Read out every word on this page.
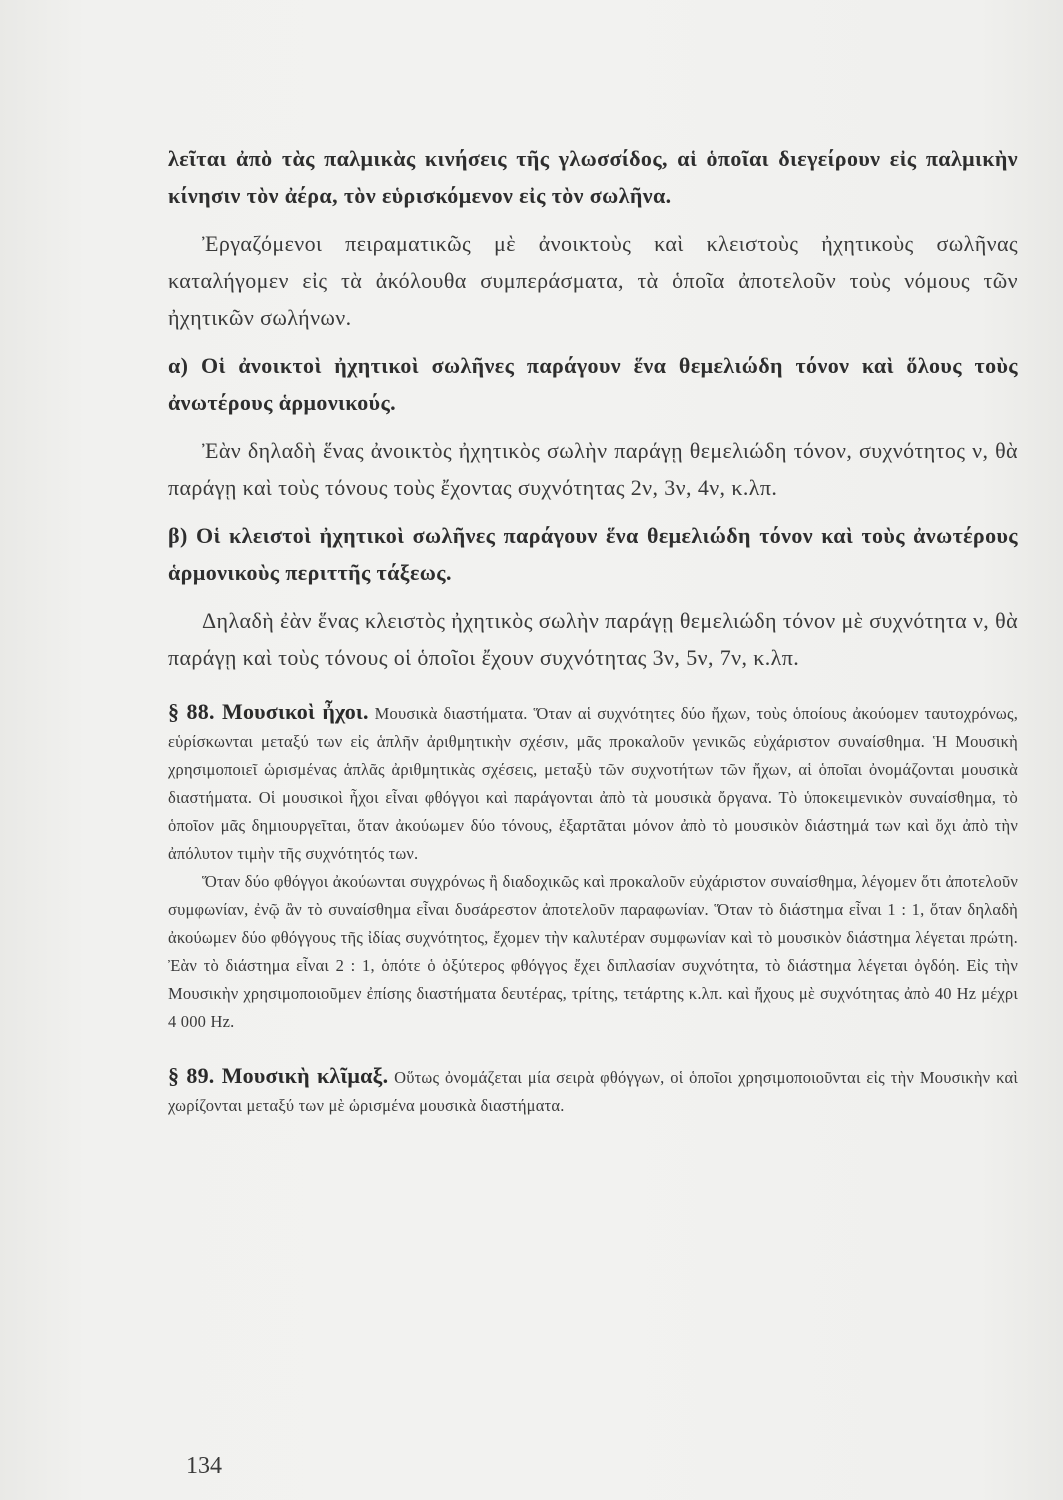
λεῖται ἀπὸ τὰς παλμικὰς κινήσεις τῆς γλωσσίδος, αἱ ὁποῖαι διεγείρουν εἰς παλμικὴν κίνησιν τὸν ἀέρα, τὸν εὑρισκόμενον εἰς τὸν σωλῆνα.

Ἐργαζόμενοι πειραματικῶς μὲ ἀνοικτοὺς καὶ κλειστοὺς ἠχητικοὺς σωλῆνας καταλήγομεν εἰς τὰ ἀκόλουθα συμπεράσματα, τὰ ὁποῖα ἀποτελοῦν τοὺς νόμους τῶν ἠχητικῶν σωλήνων.

α) Οἱ ἀνοικτοὶ ἠχητικοὶ σωλῆνες παράγουν ἕνα θεμελιώδη τόνον καὶ ὅλους τοὺς ἀνωτέρους ἁρμονικούς.

Ἐὰν δηλαδὴ ἕνας ἀνοικτὸς ἠχητικὸς σωλὴν παράγῃ θεμελιώδη τόνον, συχνότητος ν, θὰ παράγῃ καὶ τοὺς τόνους τοὺς ἔχοντας συχνότητας 2ν, 3ν, 4ν, κ.λπ.

β) Οἱ κλειστοὶ ἠχητικοὶ σωλῆνες παράγουν ἕνα θεμελιώδη τόνον καὶ τοὺς ἀνωτέρους ἁρμονικοὺς περιττῆς τάξεως.

Δηλαδὴ ἐὰν ἕνας κλειστὸς ἠχητικὸς σωλὴν παράγῃ θεμελιώδη τόνον μὲ συχνότητα ν, θὰ παράγῃ καὶ τοὺς τόνους οἱ ὁποῖοι ἔχουν συχνότητας 3ν, 5ν, 7ν, κ.λπ.

§ 88. Μουσικοὶ ἦχοι. Μουσικὰ διαστήματα. Ὅταν αἱ συχνότητες δύο ἤχων, τοὺς ὁποίους ἀκούομεν ταυτοχρόνως, εὑρίσκωνται μεταξύ των εἰς ἁπλῆν ἀριθμητικὴν σχέσιν, μᾶς προκαλοῦν γενικῶς εὐχάριστον συναίσθημα. Ἡ Μουσικὴ χρησιμοποιεῖ ὡρισμένας ἁπλᾶς ἀριθμητικὰς σχέσεις, μεταξὺ τῶν συχνοτήτων τῶν ἤχων, αἱ ὁποῖαι ὀνομάζονται μουσικὰ διαστήματα. Οἱ μουσικοὶ ἦχοι εἶναι φθόγγοι καὶ παράγονται ἀπὸ τὰ μουσικὰ ὄργανα. Τὸ ὑποκειμενικὸν συναίσθημα, τὸ ὁποῖον μᾶς δημιουργεῖται, ὅταν ἀκούωμεν δύο τόνους, ἐξαρτᾶται μόνον ἀπὸ τὸ μουσικὸν διάστημά των καὶ ὄχι ἀπὸ τὴν ἀπόλυτον τιμὴν τῆς συχνότητός των.

Ὅταν δύο φθόγγοι ἀκούωνται συγχρόνως ἢ διαδοχικῶς καὶ προκαλοῦν εὐχάριστον συναίσθημα, λέγομεν ὅτι ἀποτελοῦν συμφωνίαν, ἐνῷ ἂν τὸ συναίσθημα εἶναι δυσάρεστον ἀποτελοῦν παραφωνίαν. Ὅταν τὸ διάστημα εἶναι 1 : 1, ὅταν δηλαδὴ ἀκούωμεν δύο φθόγγους τῆς ἰδίας συχνότητος, ἔχομεν τὴν καλυτέραν συμφωνίαν καὶ τὸ μουσικὸν διάστημα λέγεται πρώτη. Ἐὰν τὸ διάστημα εἶναι 2 : 1, ὁπότε ὁ ὀξύτερος φθόγγος ἔχει διπλασίαν συχνότητα, τὸ διάστημα λέγεται ὀγδόη. Εἰς τὴν Μουσικὴν χρησιμοποιοῦμεν ἐπίσης διαστήματα δευτέρας, τρίτης, τετάρτης κ.λπ. καὶ ἤχους μὲ συχνότητας ἀπὸ 40 Hz μέχρι 4 000 Hz.

§ 89. Μουσικὴ κλῖμαξ. Οὕτως ὀνομάζεται μία σειρὰ φθόγγων, οἱ ὁποῖοι χρησιμοποιοῦνται εἰς τὴν Μουσικὴν καὶ χωρίζονται μεταξύ των μὲ ὡρισμένα μουσικὰ διαστήματα.

134
